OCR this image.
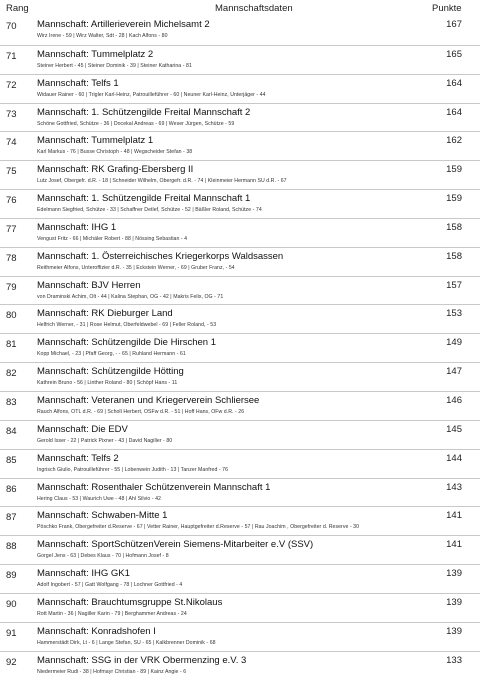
Rang	Mannschaftsdaten	Punkte
70 Mannschaft: Artillerieverein Michelsamt 2
Wirz Irene - 59 | Wirz Walter, Sdt - 28 | Kach Alfons - 80
167
71 Mannschaft: Tummelplatz 2
Steiner Herbert - 45 | Steiner Dominik - 39 | Steiner Katharina - 81
165
72 Mannschaft: Telfs 1
Widauer Rainer - 60 | Trigler Karl-Heinz, Patrouilleführer - 60 | Neuner Karl-Heinz, Unterjäger - 44
164
73 Mannschaft: 1. Schützengilde Freital Mannschaft 2
Schöne Gottfried, Schütze - 36 | Docekal Andreas - 69 | Weser Jürgen, Schütze - 59
164
74 Mannschaft: Tummelplatz 1
Karl Markus - 76 | Busse Christoph - 48 | Wegscheider Stefan - 38
162
75 Mannschaft: RK Grafing-Ebersberg II
Lutz Josef, Obergefr. d.R. - 18 | Schneider Wilhelm, Obergefr. d.R. - 74 | Kleinmeier Hermann SU d.R. - 67
159
76 Mannschaft: 1. Schützengilde Freital Mannschaft 1
Edelmann Siegfried, Schütze - 33 | Schaffner Detlef, Schütze - 52 | Bäßler Roland, Schütze - 74
159
77 Mannschaft: IHG 1
Vengust Fritz - 66 | Michäler Robert - 88 | Nössing Sebastian - 4
158
78 Mannschaft: 1. Österreichisches Kriegerkorps Waldsassen
Reithmeier Alfons, Unteroffizier d.R. - 35 | Eckstein Werner, - 69 | Gruber Franz, - 54
158
79 Mannschaft: BJV Herren
von Draminski Achim, Olt - 44 | Kalina Stephan, OG - 42 | Makris Felix, OG - 71
157
80 Mannschaft: RK Dieburger Land
Helfrich Werner, - 31 | Rose Helmut, Oberfeldwebel - 69 | Feller Roland, - 53
153
81 Mannschaft: Schützengilde Die Hirschen 1
Kopp Michael, - 23 | Pfaff Georg, - - 65 | Ruhland Hermann - 61
149
82 Mannschaft: Schützengilde Hötting
Kathrein Bruno - 56 | Linther Roland - 80 | Schöpf Hans - 11
147
83 Mannschaft: Veteranen und Kriegerverein Schliersee
Rauch Alfons, OTL d.R. - 69 | Scholl Herbert, OSFw d.R. - 51 | Hoff Hans, OFw d.R. - 26
146
84 Mannschaft: Die EDV
Gerold Isser - 22 | Patrick Pixner - 43 | David Nagiller - 80
145
85 Mannschaft: Telfs 2
Ingrisch Giulio, Patrouilleführer - 55 | Lobenwein Judith - 13 | Tanzer Manfred - 76
144
86 Mannschaft: Rosenthaler Schützenverein Mannschaft 1
Hering Claus - 53 | Waurich Uwe - 48 | Ahl Silvio - 42
143
87 Mannschaft: Schwaben-Mitte 1
Pöschko Frank, Obergefreiter d.Reserve - 67 | Vetter Rainer, Hauptgefreiter d.Reserve - 57 | Rau Joachim , Obergefreiter d. Reserve - 30
141
88 Mannschaft: SportSchützenVerein Siemens-Mitarbeiter e.V (SSV)
Gorgel Jens - 63 | Debes Klaus - 70 | Hofmann Josef - 8
141
89 Mannschaft: IHG GK1
Adolf Ingobert - 57 | Gatt Wolfgang - 78 | Lochner Gottfried - 4
139
90 Mannschaft: Brauchtumsgruppe St.Nikolaus
Rott Martin - 36 | Nagiller Karin - 79 | Berghammer Andreas - 24
139
91 Mannschaft: Konradshofen I
Hammerstädt Dirk, Lt - 6 | Lange Stefan, SU - 65 | Kalkbrenner Dominik - 68
139
92 Mannschaft: SSG in der VRK Obermenzing e.V. 3
Niedermeier Rudi - 38 | Hofmayr Christian - 89 | Kainz Angie - 6
133
